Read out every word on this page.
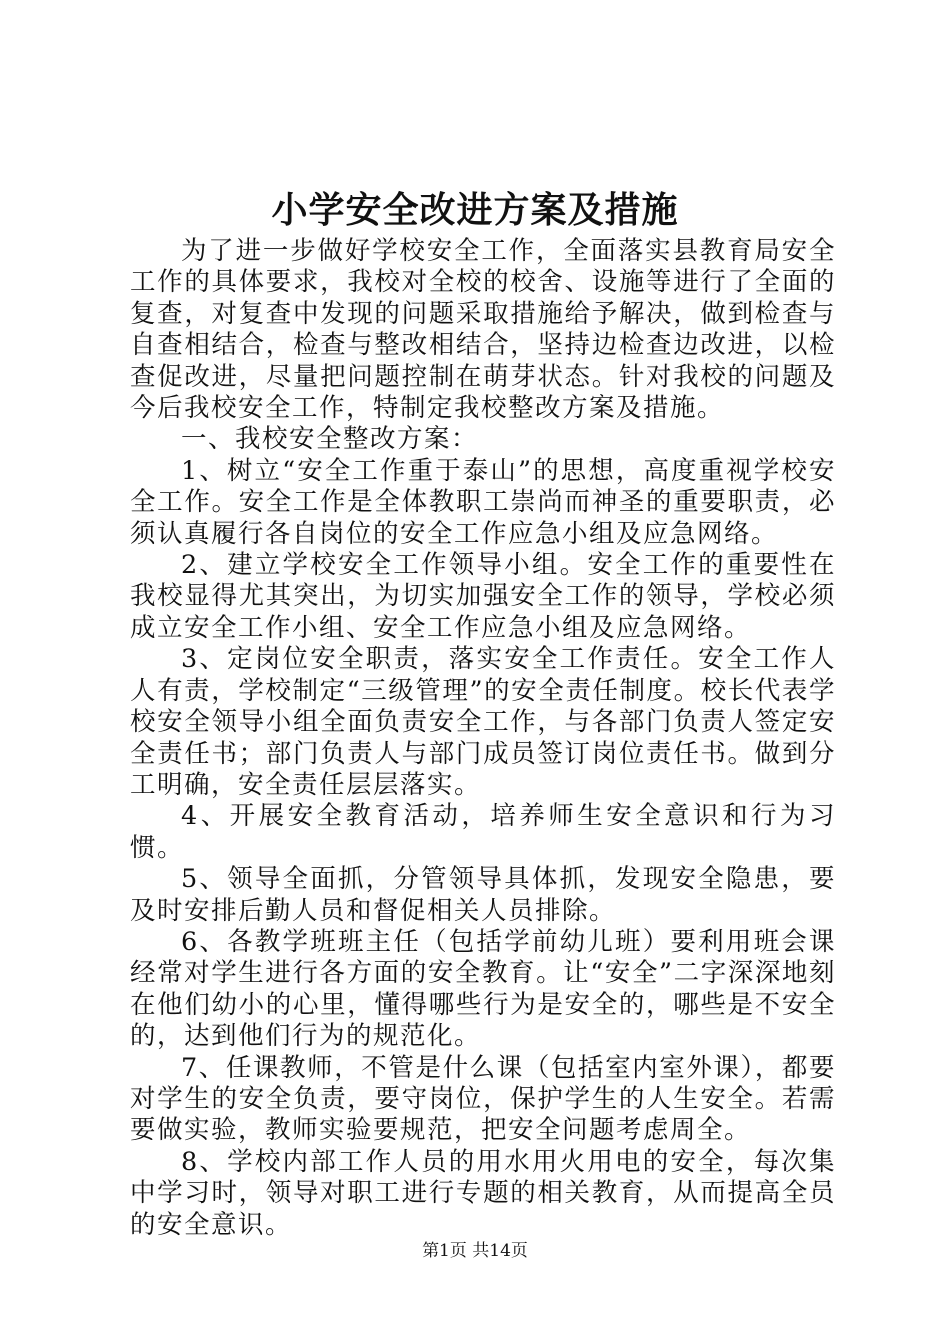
小学安全改进方案及措施

为了进一步做好学校安全工作，全面落实县教育局安全工作的具体要求，我校对全校的校舍、设施等进行了全面的复查，对复查中发现的问题采取措施给予解决，做到检查与自查相结合，检查与整改相结合，坚持边检查边改进，以检查促改进，尽量把问题控制在萌芽状态。针对我校的问题及今后我校安全工作，特制定我校整改方案及措施。

一、我校安全整改方案：

1、树立“安全工作重于泰山”的思想，高度重视学校安全工作。安全工作是全体教职工崇尚而神圣的重要职责，必须认真履行各自岗位的安全工作应急小组及应急网络。

2、建立学校安全工作领导小组。安全工作的重要性在我校显得尤其突出，为切实加强安全工作的领导，学校必须成立安全工作小组、安全工作应急小组及应急网络。

3、定岗位安全职责，落实安全工作责任。安全工作人人有责，学校制定“三级管理”的安全责任制度。校长代表学校安全领导小组全面负责安全工作，与各部门负责人签定安全责任书；部门负责人与部门成员签订岗位责任书。做到分工明确，安全责任层层落实。

4、开展安全教育活动，培养师生安全意识和行为习惯。

5、领导全面抓，分管领导具体抓，发现安全隐患，要及时安排后勤人员和督促相关人员排除。

6、各教学班班主任（包括学前幼儿班）要利用班会课经常对学生进行各方面的安全教育。让“安全”二字深深地刻在他们幼小的心里，懂得哪些行为是安全的，哪些是不安全的，达到他们行为的规范化。

7、任课教师，不管是什么课（包括室内室外课），都要对学生的安全负责，要守岗位，保护学生的人生安全。若需要做实验，教师实验要规范，把安全问题考虑周全。

8、学校内部工作人员的用水用火用电的安全，每次集中学习时，领导对职工进行专题的相关教育，从而提高全员的安全意识。

第1页 共14页
